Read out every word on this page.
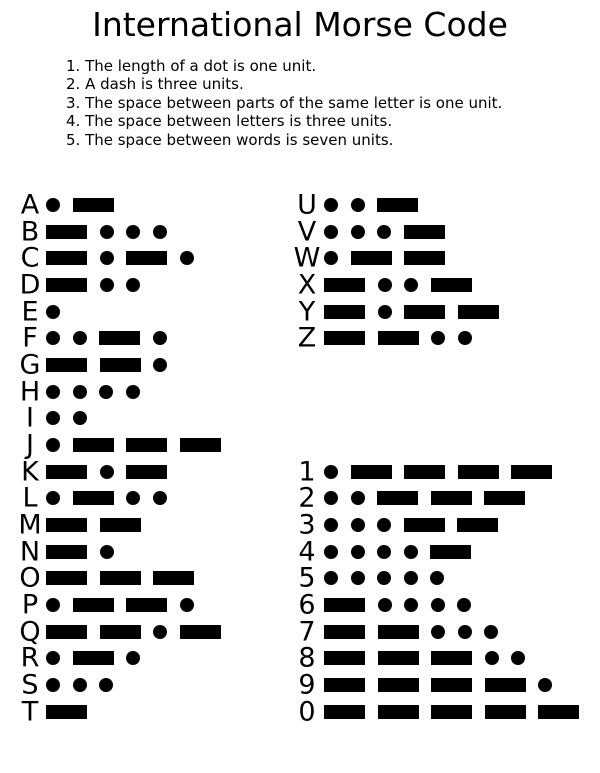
International Morse Code
1. The length of a dot is one unit.
2. A dash is three units.
3. The space between parts of the same letter is one unit.
4. The space between letters is three units.
5. The space between words is seven units.
A
B
C
D
E
F
G
H
I
J
K
L
M
N
O
P
Q
R
S
T
U
V
W
X
Y
Z
1
2
3
4
5
6
7
8
9
0
